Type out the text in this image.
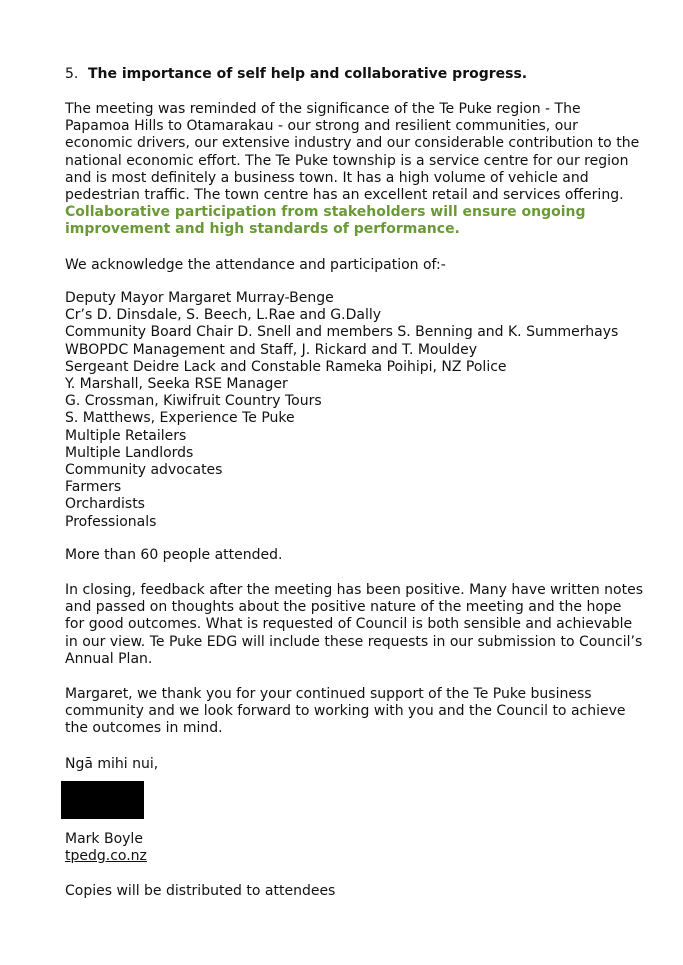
5. The importance of self help and collaborative progress.

The meeting was reminded of the significance of the Te Puke region - The Papamoa Hills to Otamarakau - our strong and resilient communities, our economic drivers, our extensive industry and our considerable contribution to the national economic effort. The Te Puke township is a service centre for our region and is most definitely a business town. It has a high volume of vehicle and pedestrian traffic. The town centre has an excellent retail and services offering. Collaborative participation from stakeholders will ensure ongoing improvement and high standards of performance.

We acknowledge the attendance and participation of:-

Deputy Mayor Margaret Murray-Benge
Cr’s D. Dinsdale, S. Beech, L.Rae and G.Dally
Community Board Chair D. Snell and members S. Benning and K. Summerhays
WBOPDC Management and Staff, J. Rickard and T. Mouldey
Sergeant Deidre Lack and Constable Rameka Poihipi, NZ Police
Y. Marshall, Seeka RSE Manager
G. Crossman, Kiwifruit Country Tours
S. Matthews, Experience Te Puke
Multiple Retailers
Multiple Landlords
Community advocates
Farmers
Orchardists
Professionals

More than 60 people attended.

In closing, feedback after the meeting has been positive. Many have written notes and passed on thoughts about the positive nature of the meeting and the hope for good outcomes. What is requested of Council is both sensible and achievable in our view. Te Puke EDG will include these requests in our submission to Council’s Annual Plan.

Margaret, we thank you for your continued support of the Te Puke business community and we look forward to working with you and the Council to achieve the outcomes in mind.

Ngā mihi nui,

Mark Boyle

tpedg.co.nz

Copies will be distributed to attendees
